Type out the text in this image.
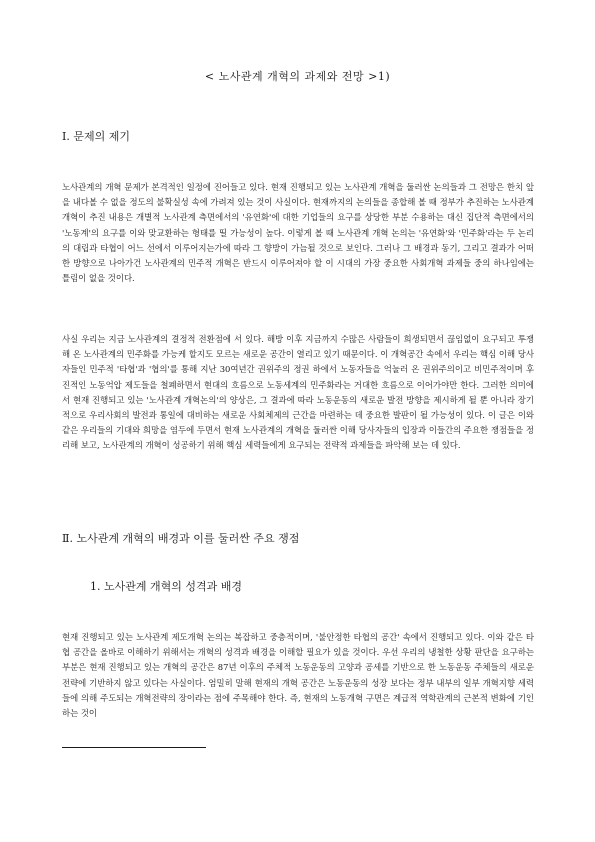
< 노사관계 개혁의 과제와 전망 >1)
Ⅰ. 문제의 제기

노사관계의 개혁 문제가 본격적인 일정에 진어들고 있다. 현재 진행되고 있는 노사관계 개혁을 둘러싼 논의들과 그 전망은 한치 앞을 내다볼 수 없을 정도의 불확실성 속에 가려져 있는 것이 사실이다. 현재까지의 논의들을 종합해 볼 때 정부가 추진하는 노사관계 개혁이 추진 내용은 개별적 노사관계 측면에서의 '유연화'에 대한 기업들의 요구를 상당한 부분 수용하는 대신 집단적 측면에서의 '노동계'의 요구를 이와 맞교환하는 형태를 띨 가능성이 높다. 이렇게 볼 때 노사관계 개혁 논의는 '유연화'와 '민주화'라는 두 논리의 대립과 타협이 어느 선에서 이루어지는가에 따라 그 향방이 가늠될 것으로 보인다. 그러나 그 배경과 동기, 그리고 결과가 어떠한 방향으로 나아가건 노사관계의 민주적 개혁은 반드시 이루어져야 할 이 시대의 가장 중요한 사회개혁 과제들 중의 하나임에는 틀림이 없을 것이다.

사실 우리는 지금 노사관계의 결정적 전환점에 서 있다. 해방 이후 지금까지 수많은 사람들이 희생되면서 끊임없이 요구되고 투쟁해 온 노사관계의 민주화를 가능케 할지도 모르는 새로운 공간이 열리고 있기 때문이다. 이 개혁공간 속에서 우리는 핵심 이해 당사자들인 민주적 '타협'과 '협의'를 통해 지난 30여년간 권위주의 정권 하에서 노동자들을 억눌러 온 권위주의이고 비민주적이며 후진적인 노동억압 제도들을 철폐하면서 현대의 흐름으로 노동세계의 민주화라는 거대한 흐름으로 이어가야만 한다. 그러한 의미에서 현재 진행되고 있는 '노사관계 개혁논의'의 양상은, 그 결과에 따라 노동운동의 새로운 발전 방향을 제시하게 될 뿐 아니라 장기적으로 우리사회의 발전과 통일에 대비하는 새로운 사회체제의 근간을 마련하는 데 중요한 발판이 될 가능성이 있다. 이 글은 이와 같은 우리들의 기대와 희망을 염두에 두면서 현재 노사관계의 개혁을 둘러싼 이해 당사자들의 입장과 이들간의 주요한 쟁점들을 정리해 보고, 노사관계의 개혁이 성공하기 위해 핵심 세력들에게 요구되는 전략적 과제들을 파악해 보는 데 있다.

Ⅱ. 노사관계 개혁의 배경과 이를 둘러싼 주요 쟁점
1. 노사관계 개혁의 성격과 배경

현재 진행되고 있는 노사관계 제도개혁 논의는 복잡하고 중층적이며, '불안정한 타협의 공간' 속에서 진행되고 있다. 이와 같은 타협 공간을 올바로 이해하기 위해서는 개혁의 성격과 배경을 이해할 필요가 있을 것이다. 우선 우리의 냉철한 상황 판단을 요구하는 부분은 현재 진행되고 있는 개혁의 공간은 87년 이후의 주체적 노동운동의 고양과 공세를 기반으로 한 노동운동 주체들의 새로운 전략에 기반하지 않고 있다는 사실이다. 엄밀히 말해 현재의 개혁 공간은 노동운동의 성장 보다는 정부 내부의 일부 개혁지향 세력들에 의해 주도되는 개혁전략의 장이라는 점에 주목해야 한다. 즉, 현재의 노동개혁 구면은 계급적 역학관계의 근본적 변화에 기인하는 것이
